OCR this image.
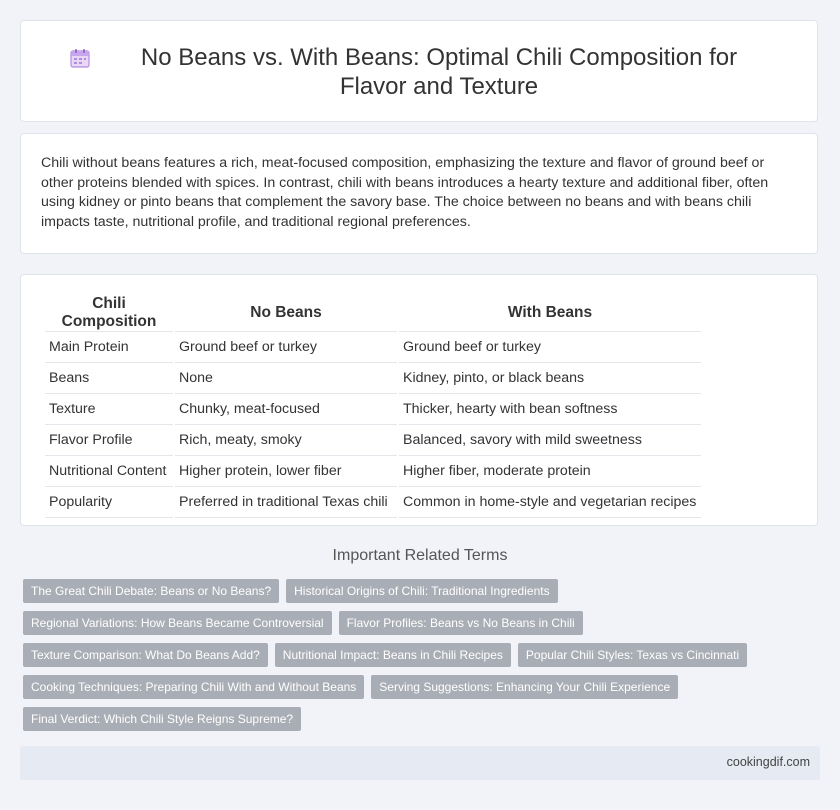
No Beans vs. With Beans: Optimal Chili Composition for Flavor and Texture
Chili without beans features a rich, meat-focused composition, emphasizing the texture and flavor of ground beef or other proteins blended with spices. In contrast, chili with beans introduces a hearty texture and additional fiber, often using kidney or pinto beans that complement the savory base. The choice between no beans and with beans chili impacts taste, nutritional profile, and traditional regional preferences.
Chili Composition	No Beans	With Beans
Main Protein	Ground beef or turkey	Ground beef or turkey
Beans	None	Kidney, pinto, or black beans
Texture	Chunky, meat-focused	Thicker, hearty with bean softness
Flavor Profile	Rich, meaty, smoky	Balanced, savory with mild sweetness
Nutritional Content	Higher protein, lower fiber	Higher fiber, moderate protein
Popularity	Preferred in traditional Texas chili	Common in home-style and vegetarian recipes
Important Related Terms
The Great Chili Debate: Beans or No Beans?	Historical Origins of Chili: Traditional Ingredients
Regional Variations: How Beans Became Controversial	Flavor Profiles: Beans vs No Beans in Chili
Texture Comparison: What Do Beans Add?	Nutritional Impact: Beans in Chili Recipes	Popular Chili Styles: Texas vs Cincinnati
Cooking Techniques: Preparing Chili With and Without Beans	Serving Suggestions: Enhancing Your Chili Experience
Final Verdict: Which Chili Style Reigns Supreme?
cookingdif.com
